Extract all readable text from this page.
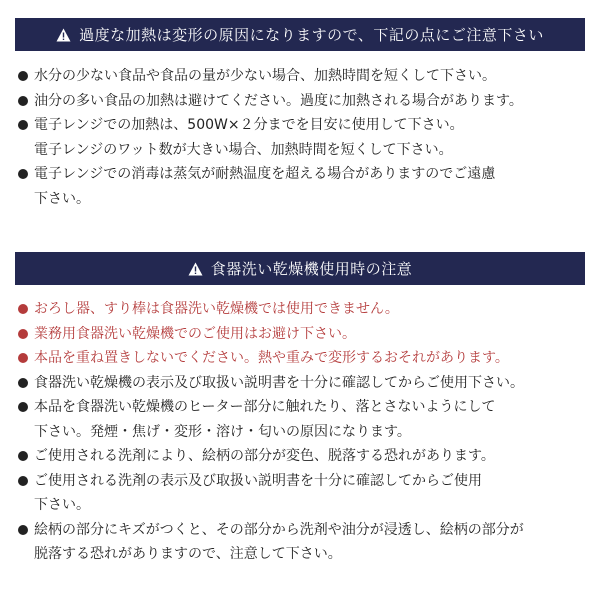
過度な加熱は変形の原因になりますので、下記の点にご注意下さい
水分の少ない食品や食品の量が少ない場合、加熱時間を短くして下さい。
油分の多い食品の加熱は避けてください。過度に加熱される場合があります。
電子レンジでの加熱は、500W×２分までを目安に使用して下さい。
電子レンジのワット数が大きい場合、加熱時間を短くして下さい。
電子レンジでの消毒は蒸気が耐熱温度を超える場合がありますのでご遠慮
下さい。
食器洗い乾燥機使用時の注意
おろし器、すり棒は食器洗い乾燥機では使用できません。
業務用食器洗い乾燥機でのご使用はお避け下さい。
本品を重ね置きしないでください。熱や重みで変形するおそれがあります。
食器洗い乾燥機の表示及び取扱い説明書を十分に確認してからご使用下さい。
本品を食器洗い乾燥機のヒーター部分に触れたり、落とさないようにして
下さい。発煙・焦げ・変形・溶け・匂いの原因になります。
ご使用される洗剤により、絵柄の部分が変色、脱落する恐れがあります。
ご使用される洗剤の表示及び取扱い説明書を十分に確認してからご使用
下さい。
絵柄の部分にキズがつくと、その部分から洗剤や油分が浸透し、絵柄の部分が
脱落する恐れがありますので、注意して下さい。
